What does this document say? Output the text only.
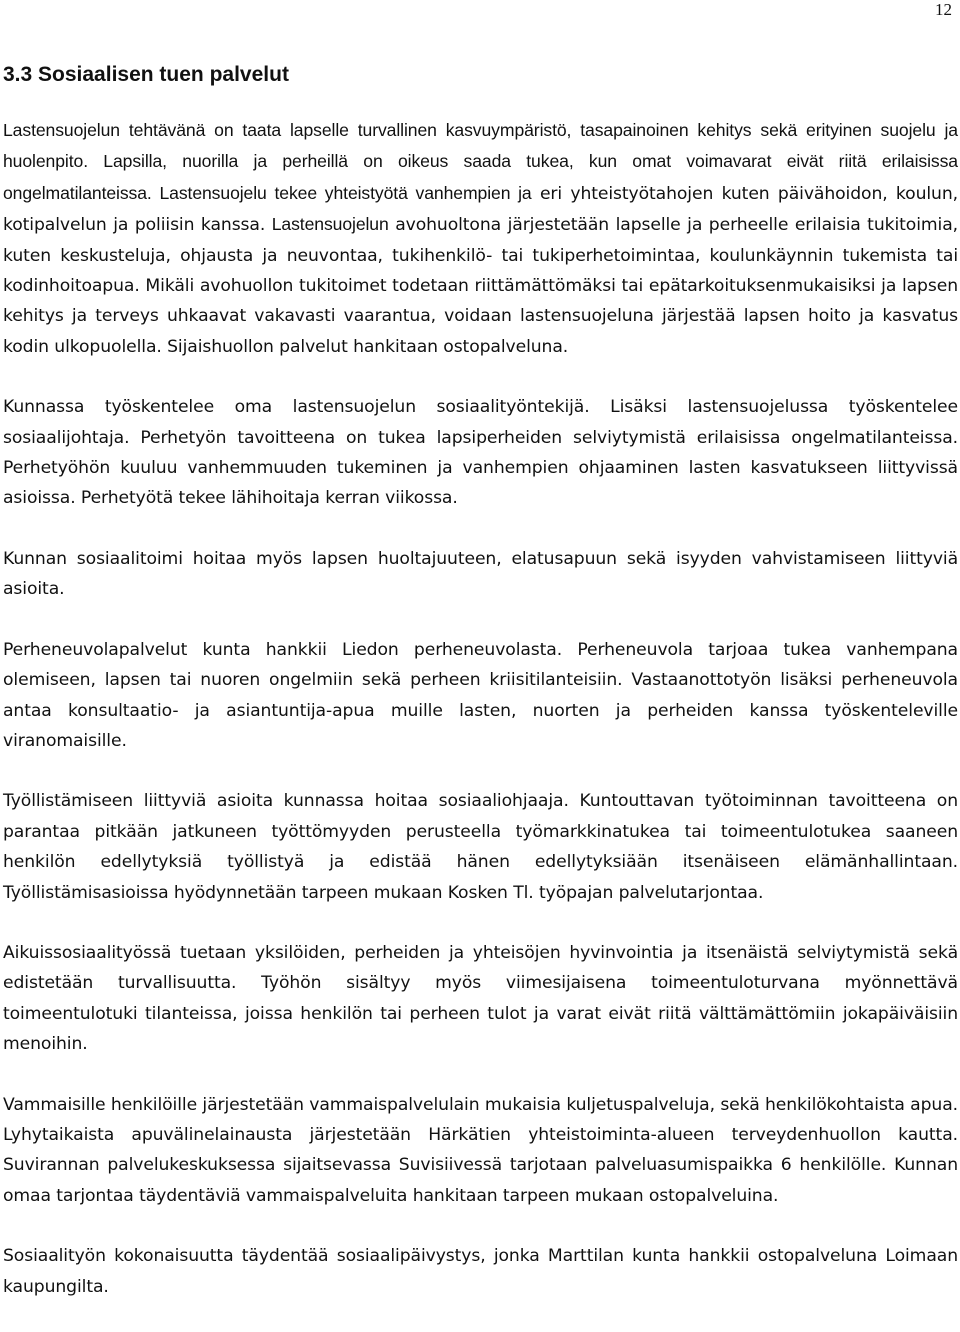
12
3.3 Sosiaalisen tuen palvelut

Lastensuojelun tehtävänä on taata lapselle turvallinen kasvuympäristö, tasapainoinen kehitys sekä erityinen suojelu ja huolenpito. Lapsilla, nuorilla ja perheillä on oikeus saada tukea, kun omat voimavarat eivät riitä erilaisissa ongelmatilanteissa. Lastensuojelu tekee yhteistyötä vanhempien ja eri yhteistyötahojen kuten päivähoidon, koulun, kotipalvelun ja poliisin kanssa. Lastensuojelun avohuoltona järjestetään lapselle ja perheelle erilaisia tukitoimia, kuten keskusteluja, ohjausta ja neuvontaa, tukihenkilö- tai tukiperhetoimintaa, koulunkäynnin tukemista tai kodinhoitoapua. Mikäli avohuollon tukitoimet todetaan riittämättömäksi tai epätarkoituksenmukaisiksi ja lapsen kehitys ja terveys uhkaavat vakavasti vaarantua, voidaan lastensuojeluna järjestää lapsen hoito ja kasvatus kodin ulkopuolella. Sijaishuollon palvelut hankitaan ostopalveluna.

Kunnassa työskentelee oma lastensuojelun sosiaalityöntekijä. Lisäksi lastensuojelussa työskentelee sosiaalijohtaja. Perhetyön tavoitteena on tukea lapsiperheiden selviytymistä erilaisissa ongelmatilanteissa. Perhetyöhön kuuluu vanhemmuuden tukeminen ja vanhempien ohjaaminen lasten kasvatukseen liittyvissä asioissa. Perhetyötä tekee lähihoitaja kerran viikossa.

Kunnan sosiaalitoimi hoitaa myös lapsen huoltajuuteen, elatusapuun sekä isyyden vahvistamiseen liittyviä asioita.

Perheneuvolapalvelut kunta hankkii Liedon perheneuvolasta. Perheneuvola tarjoaa tukea vanhempana olemiseen, lapsen tai nuoren ongelmiin sekä perheen kriisitilanteisiin. Vastaanottotyön lisäksi perheneuvola antaa konsultaatio- ja asiantuntija-apua muille lasten, nuorten ja perheiden kanssa työskenteleville viranomaisille.

Työllistämiseen liittyviä asioita kunnassa hoitaa sosiaaliohjaaja. Kuntouttavan työtoiminnan tavoitteena on parantaa pitkään jatkuneen työttömyyden perusteella työmarkkinatukea tai toimeentulotukea saaneen henkilön edellytyksiä työllistyä ja edistää hänen edellytyksiään itsenäiseen elämänhallintaan. Työllistämisasioissa hyödynnetään tarpeen mukaan Kosken Tl. työpajan palvelutarjontaa.

Aikuissosiaalityössä tuetaan yksilöiden, perheiden ja yhteisöjen hyvinvointia ja itsenäistä selviytymistä sekä edistetään turvallisuutta. Työhön sisältyy myös viimesijaisena toimeentuloturvana myönnettävä toimeentulotuki tilanteissa, joissa henkilön tai perheen tulot ja varat eivät riitä välttämättömiin jokapäiväisiin menoihin.

Vammaisille henkilöille järjestetään vammaispalvelulain mukaisia kuljetuspalveluja, sekä henkilökohtaista apua. Lyhytaikaista apuvälinelainausta järjestetään Härkätien yhteistoiminta-alueen terveydenhuollon kautta. Suvirannan palvelukeskuksessa sijaitsevassa Suvisiivessä tarjotaan palveluasumispaikka 6 henkilölle. Kunnan omaa tarjontaa täydentäviä vammaispalveluita hankitaan tarpeen mukaan ostopalveluina.

Sosiaalityön kokonaisuutta täydentää sosiaalipäivystys, jonka Marttilan kunta hankkii ostopalveluna Loimaan kaupungilta.
